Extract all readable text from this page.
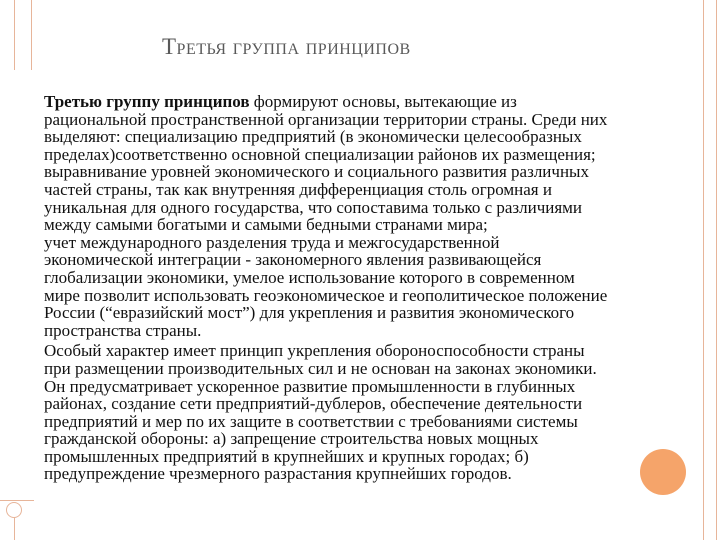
Третья группа принципов

Третью группу принципов формируют основы, вытекающие из
рациональной пространственной организации территории страны. Среди них
выделяют: специализацию предприятий (в экономически целесообразных
пределах)соответственно основной специализации районов их размещения;
выравнивание уровней экономического и социального развития различных
частей страны, так как внутренняя дифференциация столь огромная и
уникальная для одного государства, что сопоставима только с различиями
между самыми богатыми и самыми бедными странами мира;
учет международного разделения труда и межгосударственной
экономической интеграции - закономерного явления развивающейся
глобализации экономики, умелое использование которого в современном
мире позволит использовать геоэкономическое и геополитическое положение
России (“евразийский мост”) для укрепления и развития экономического
пространства страны.

Особый характер имеет принцип укрепления обороноспособности страны
при размещении производительных сил и не основан на законах экономики.
Он предусматривает ускоренное развитие промышленности в глубинных
районах, создание сети предприятий-дублеров, обеспечение деятельности
предприятий и мер по их защите в соответствии с требованиями системы
гражданской обороны: а) запрещение строительства новых мощных
промышленных предприятий в крупнейших и крупных городах; б)
предупреждение чрезмерного разрастания крупнейших городов.
